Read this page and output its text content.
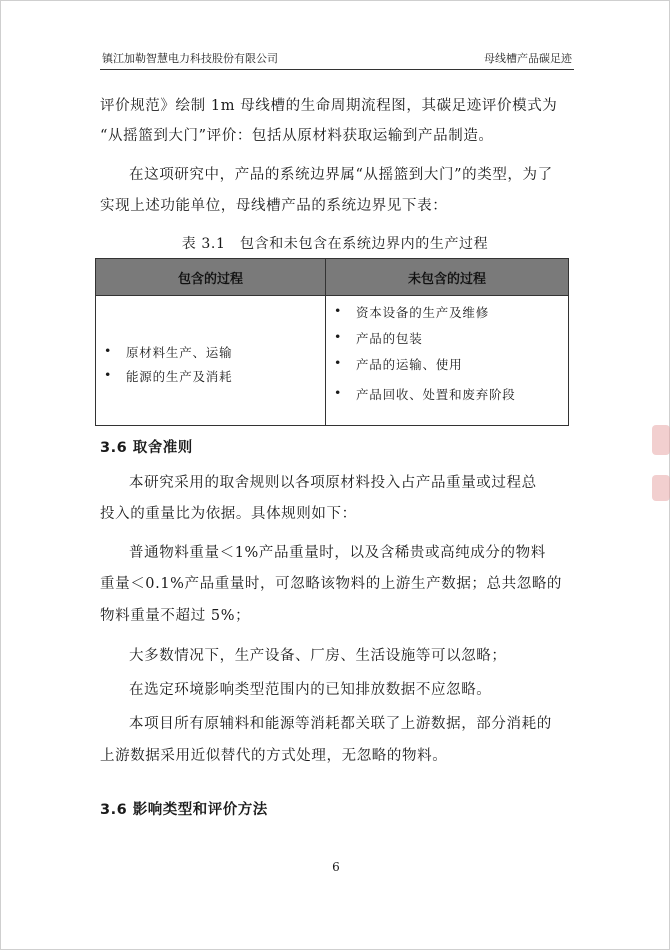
镇江加勒智慧电力科技股份有限公司	母线槽产品碳足迹

评价规范》绘制 1m 母线槽的生命周期流程图，其碳足迹评价模式为

“从摇篮到大门”评价：包括从原材料获取运输到产品制造。

在这项研究中，产品的系统边界属“从摇篮到大门”的类型，为了

实现上述功能单位，母线槽产品的系统边界见下表：

表 3.1　包含和未包含在系统边界内的生产过程
包含的过程	未包含的过程
• 原材料生产、运输
• 能源的生产及消耗
• 资本设备的生产及维修
• 产品的包装
• 产品的运输、使用
• 产品回收、处置和废弃阶段
3.6 取舍准则

本研究采用的取舍规则以各项原材料投入占产品重量或过程总

投入的重量比为依据。具体规则如下：

普通物料重量＜1%产品重量时，以及含稀贵或高纯成分的物料

重量＜0.1%产品重量时，可忽略该物料的上游生产数据；总共忽略的

物料重量不超过 5%；

大多数情况下，生产设备、厂房、生活设施等可以忽略；

在选定环境影响类型范围内的已知排放数据不应忽略。

本项目所有原辅料和能源等消耗都关联了上游数据，部分消耗的

上游数据采用近似替代的方式处理，无忽略的物料。

3.6 影响类型和评价方法
6
